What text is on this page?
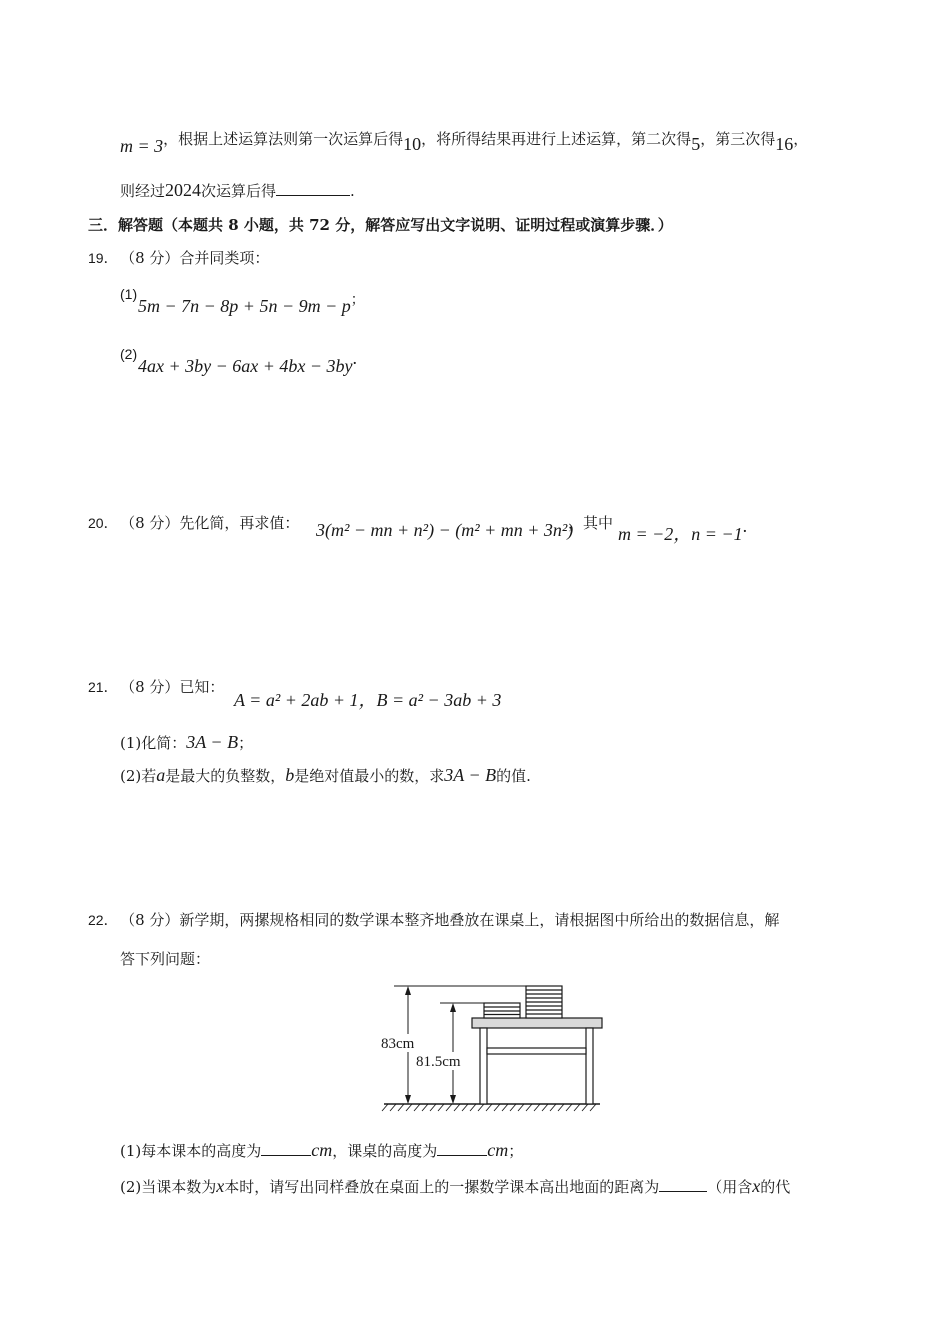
m = 3，根据上述运算法则第一次运算后得10，将所得结果再进行上述运算，第二次得5，第三次得16，
则经过2024次运算后得	.
三．解答题（本题共 8 小题，共 72 分，解答应写出文字说明、证明过程或演算步骤．）
19． （8 分）合并同类项：
(1)
5m − 7n − 8p + 5n − 9m − p；
(2)
4ax + 3by − 6ax + 4bx − 3by.
20． （8 分）先化简，再求值： 3(m² − mn + n²) − (m² + mn + 3n²)
，其中
m = −2，n = −1.
21． （8 分）已知：
A = a² + 2ab + 1，B = a² − 3ab + 3
(1)化简：3A − B；
(2)若a是最大的负整数，b是绝对值最小的数，求3A − B的值.
22． （8 分）新学期，两摞规格相同的数学课本整齐地叠放在课桌上，请根据图中所给出的数据信息，解
答下列问题：
83cm
81.5cm
(1)每本课本的高度为	cm，课桌的高度为	cm；
(2)当课本数为x本时，请写出同样叠放在桌面上的一摞数学课本高出地面的距离为	（用含x的代
